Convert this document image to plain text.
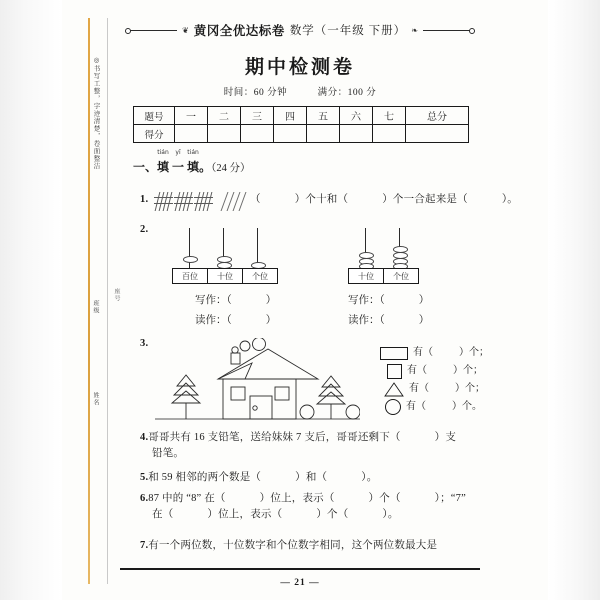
◎书写工整，字迹清楚，卷面整洁
班级
姓名
座号
❦ 黄冈全优达标卷 数学（一年级 下册） ❧
期中检测卷
时间：60 分钟	满分：100 分
题号	一	二	三	四	五	六	七	总分
得分								
一、
tián
填
yī
一
tián
填。（24 分）
1.	（	）个十和（	）个一合起来是（	）。
2.
百位	十位	个位	十位	个位
写作：（	）
读作：（	）
写作：（	）
读作：（	）
3.
有（	）个；
有（	）个；
有（	）个；
有（	）个。
4.哥哥共有 16 支铅笔，送给妹妹 7 支后，哥哥还剩下（	）支
铅笔。
5.和 59 相邻的两个数是（	）和（	）。
6.87 中的 “8” 在（	）位上，表示（	）个（	）；“7”
在（	）位上，表示（	）个（	）。
7.有一个两位数，十位数字和个位数字相同，这个两位数最大是
— 21 —
